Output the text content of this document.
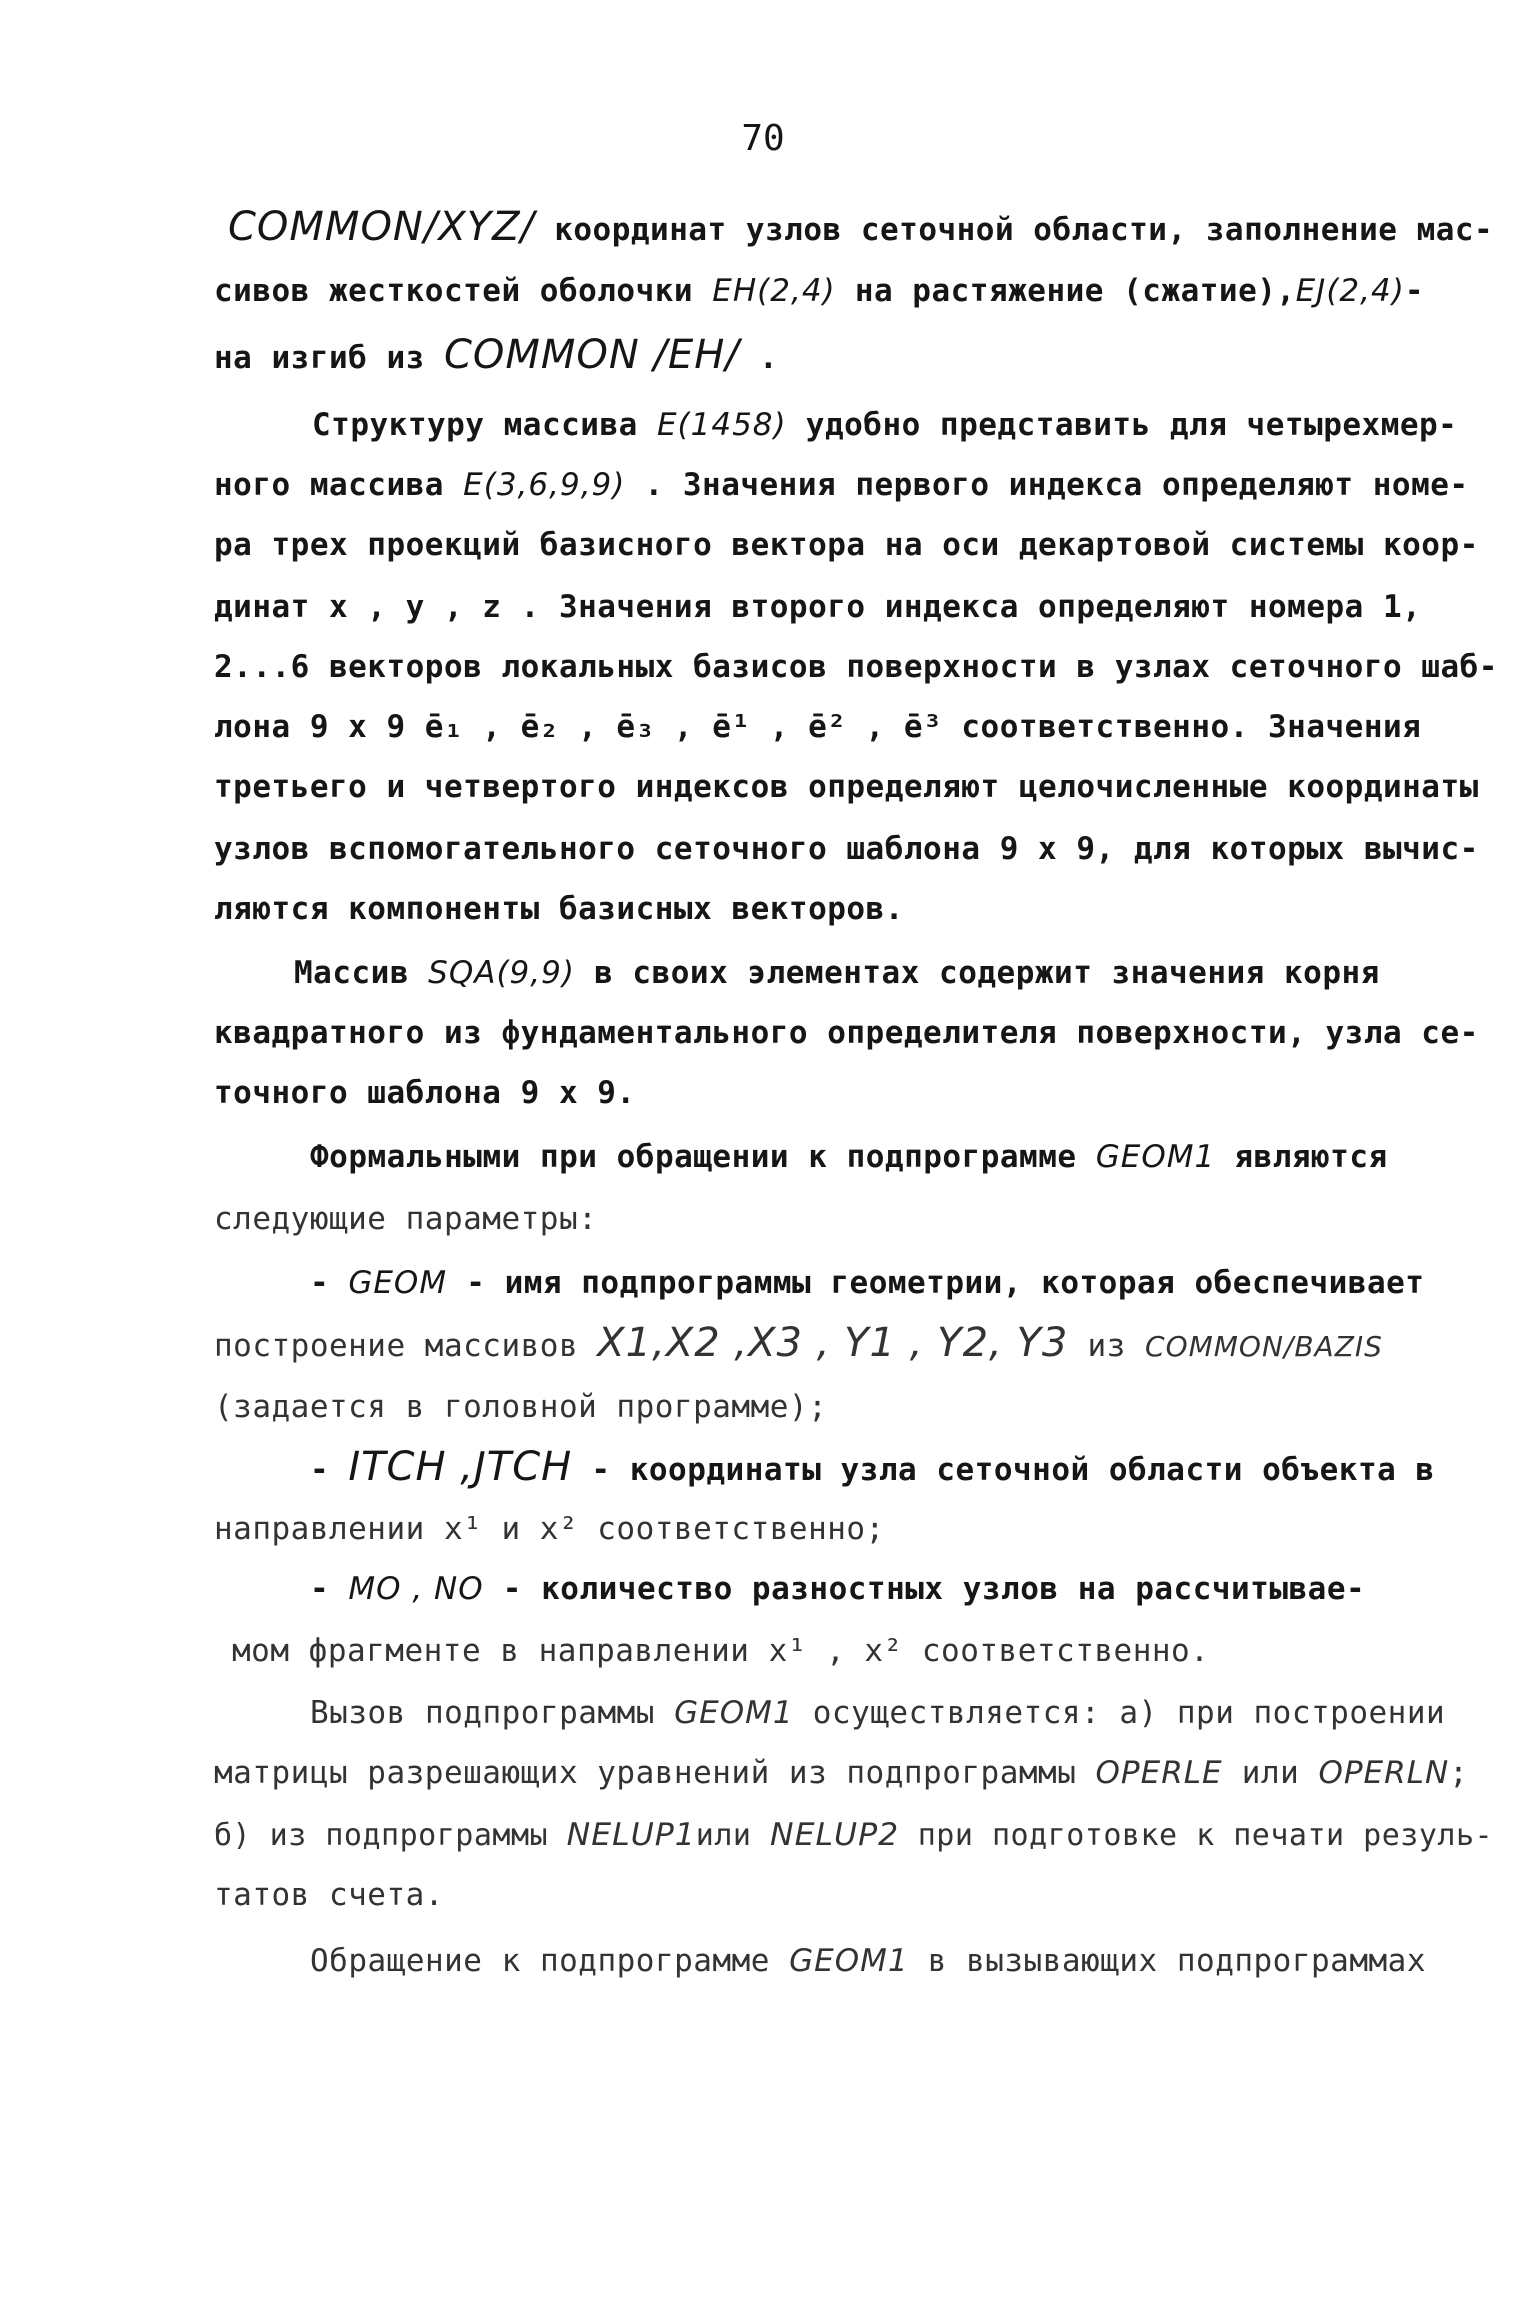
70
COMMON/XYZ/ координат узлов сеточной области, заполнение мас-
сивов жесткостей оболочки EH(2,4) на растяжение (сжатие),EJ(2,4)-
на изгиб из COMMON /EH/ .
Структуру массива E(1458) удобно представить для четырехмер-
ного массива E(3,6,9,9) . Значения первого индекса определяют номе-
ра трех проекций базисного вектора на оси декартовой системы коор-
динат x , y , z . Значения второго индекса определяют номера 1,
2...6 векторов локальных базисов поверхности в узлах сеточного шаб-
лона 9 x 9 ē₁ , ē₂ , ē₃ , ē¹ , ē² , ē³ соответственно. Значения
третьего и четвертого индексов определяют целочисленные координаты
узлов вспомогательного сеточного шаблона 9 x 9, для которых вычис-
ляются компоненты базисных векторов.
Массив SQA(9,9) в своих элементах содержит значения корня
квадратного из фундаментального определителя поверхности, узла се-
точного шаблона 9 x 9.
Формальными при обращении к подпрограмме GEOM1 являются
следующие параметры:
- GEOM - имя подпрограммы геометрии, которая обеспечивает
построение массивов X1,X2 ,X3 , Y1 , Y2, Y3 из COMMON/BAZIS
(задается в головной программе);
- ITCH ,JTCH - координаты узла сеточной области объекта в
направлении x¹ и x² соответственно;
- MO , NO - количество разностных узлов на рассчитывае-
мом фрагменте в направлении x¹ , x² соответственно.
Вызов подпрограммы GEOM1 осуществляется: а) при построении
матрицы разрешающих уравнений из подпрограммы OPERLE или OPERLN;
б) из подпрограммы NELUP1или NELUP2 при подготовке к печати резуль-
татов счета.
Обращение к подпрограмме GEOM1 в вызывающих подпрограммах
